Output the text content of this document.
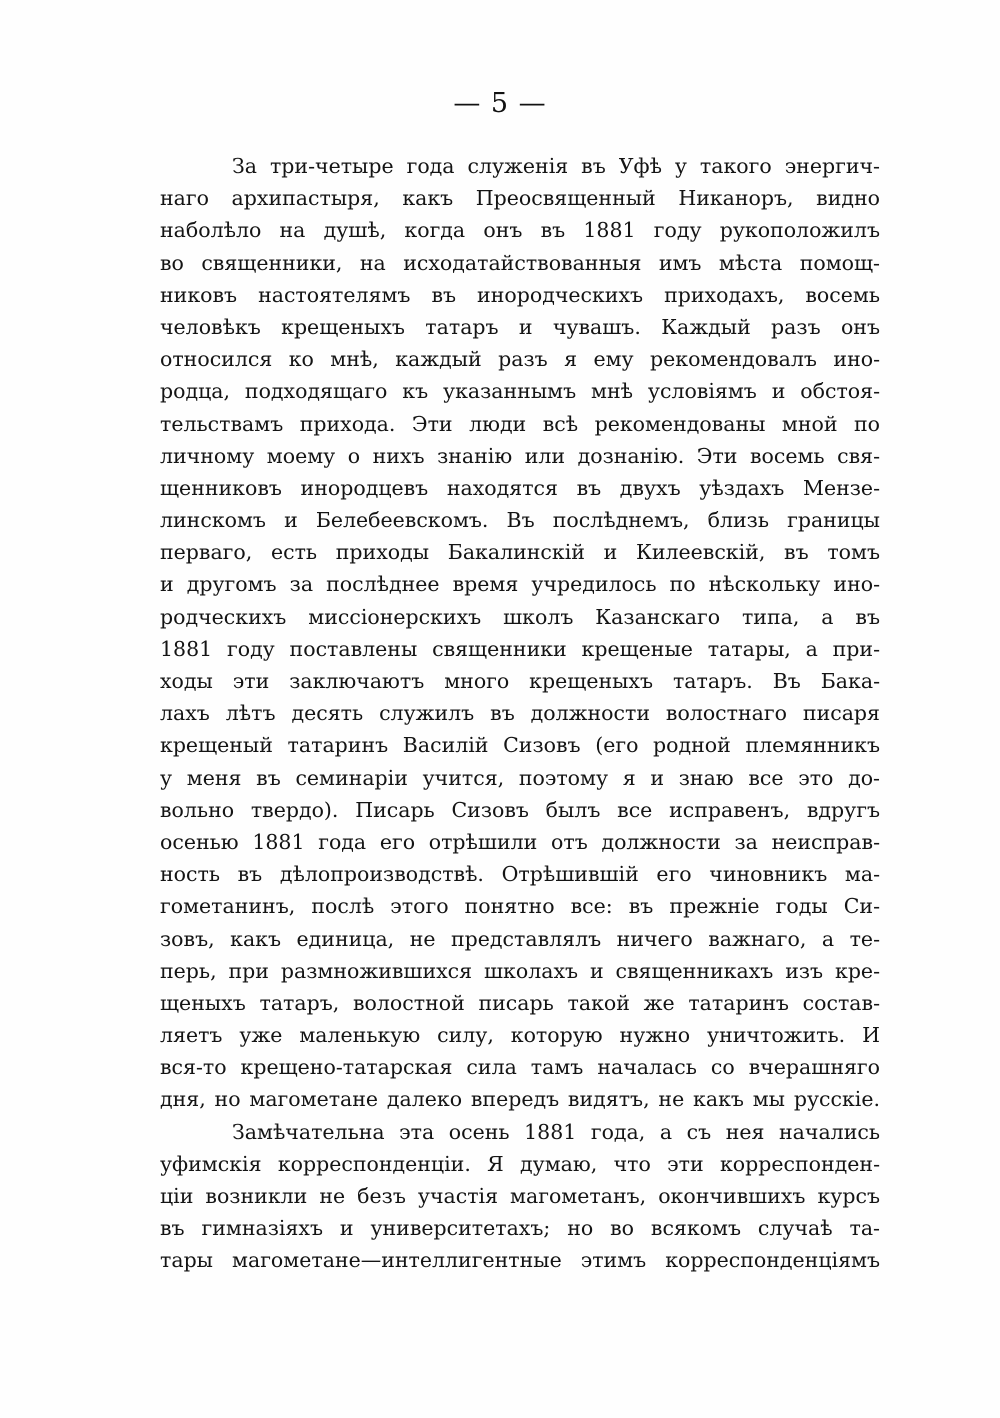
— 5 —
За три-четыре года служенія въ Уфѣ у такого энергич-
наго архипастыря, какъ Преосвященный Никаноръ, видно
наболѣло на душѣ, когда онъ въ 1881 году рукоположилъ
во священники, на исходатайствованныя имъ мѣста помощ-
никовъ настоятелямъ въ инородческихъ приходахъ, восемь
человѣкъ крещеныхъ татаръ и чувашъ. Каждый разъ онъ
относился ко мнѣ, каждый разъ я ему рекомендовалъ ино-
родца, подходящаго къ указаннымъ мнѣ условіямъ и обстоя-
тельствамъ прихода. Эти люди всѣ рекомендованы мной по
личному моему о нихъ знанію или дознанію. Эти восемь свя-
щенниковъ инородцевъ находятся въ двухъ уѣздахъ Мензе-
линскомъ и Белебеевскомъ. Въ послѣднемъ, близь границы
перваго, есть приходы Бакалинскій и Килеевскій, въ томъ
и другомъ за послѣднее время учредилось по нѣскольку ино-
родческихъ миссіонерскихъ школъ Казанскаго типа, а въ
1881 году поставлены священники крещеные татары, а при-
ходы эти заключаютъ много крещеныхъ татаръ. Въ Бака-
лахъ лѣтъ десять служилъ въ должности волостнаго писаря
крещеный татаринъ Василій Сизовъ (его родной племянникъ
у меня въ семинаріи учится, поэтому я и знаю все это до-
вольно твердо). Писарь Сизовъ былъ все исправенъ, вдругъ
осенью 1881 года его отрѣшили отъ должности за неисправ-
ность въ дѣлопроизводствѣ. Отрѣшившій его чиновникъ ма-
гометанинъ, послѣ этого понятно все: въ прежніе годы Си-
зовъ, какъ единица, не представлялъ ничего важнаго, а те-
перь, при размножившихся школахъ и священникахъ изъ кре-
щеныхъ татаръ, волостной писарь такой же татаринъ состав-
ляетъ уже маленькую силу, которую нужно уничтожить. И
вся-то крещено-татарская сила тамъ началась со вчерашняго
дня, но магометане далеко впередъ видятъ, не какъ мы русскіе.
Замѣчательна эта осень 1881 года, а съ нея начались
уфимскія корреспонденціи. Я думаю, что эти корреспонден-
ціи возникли не безъ участія магометанъ, окончившихъ курсъ
въ гимназіяхъ и университетахъ; но во всякомъ случаѣ та-
тары магометане—интеллигентные этимъ корреспонденціямъ
